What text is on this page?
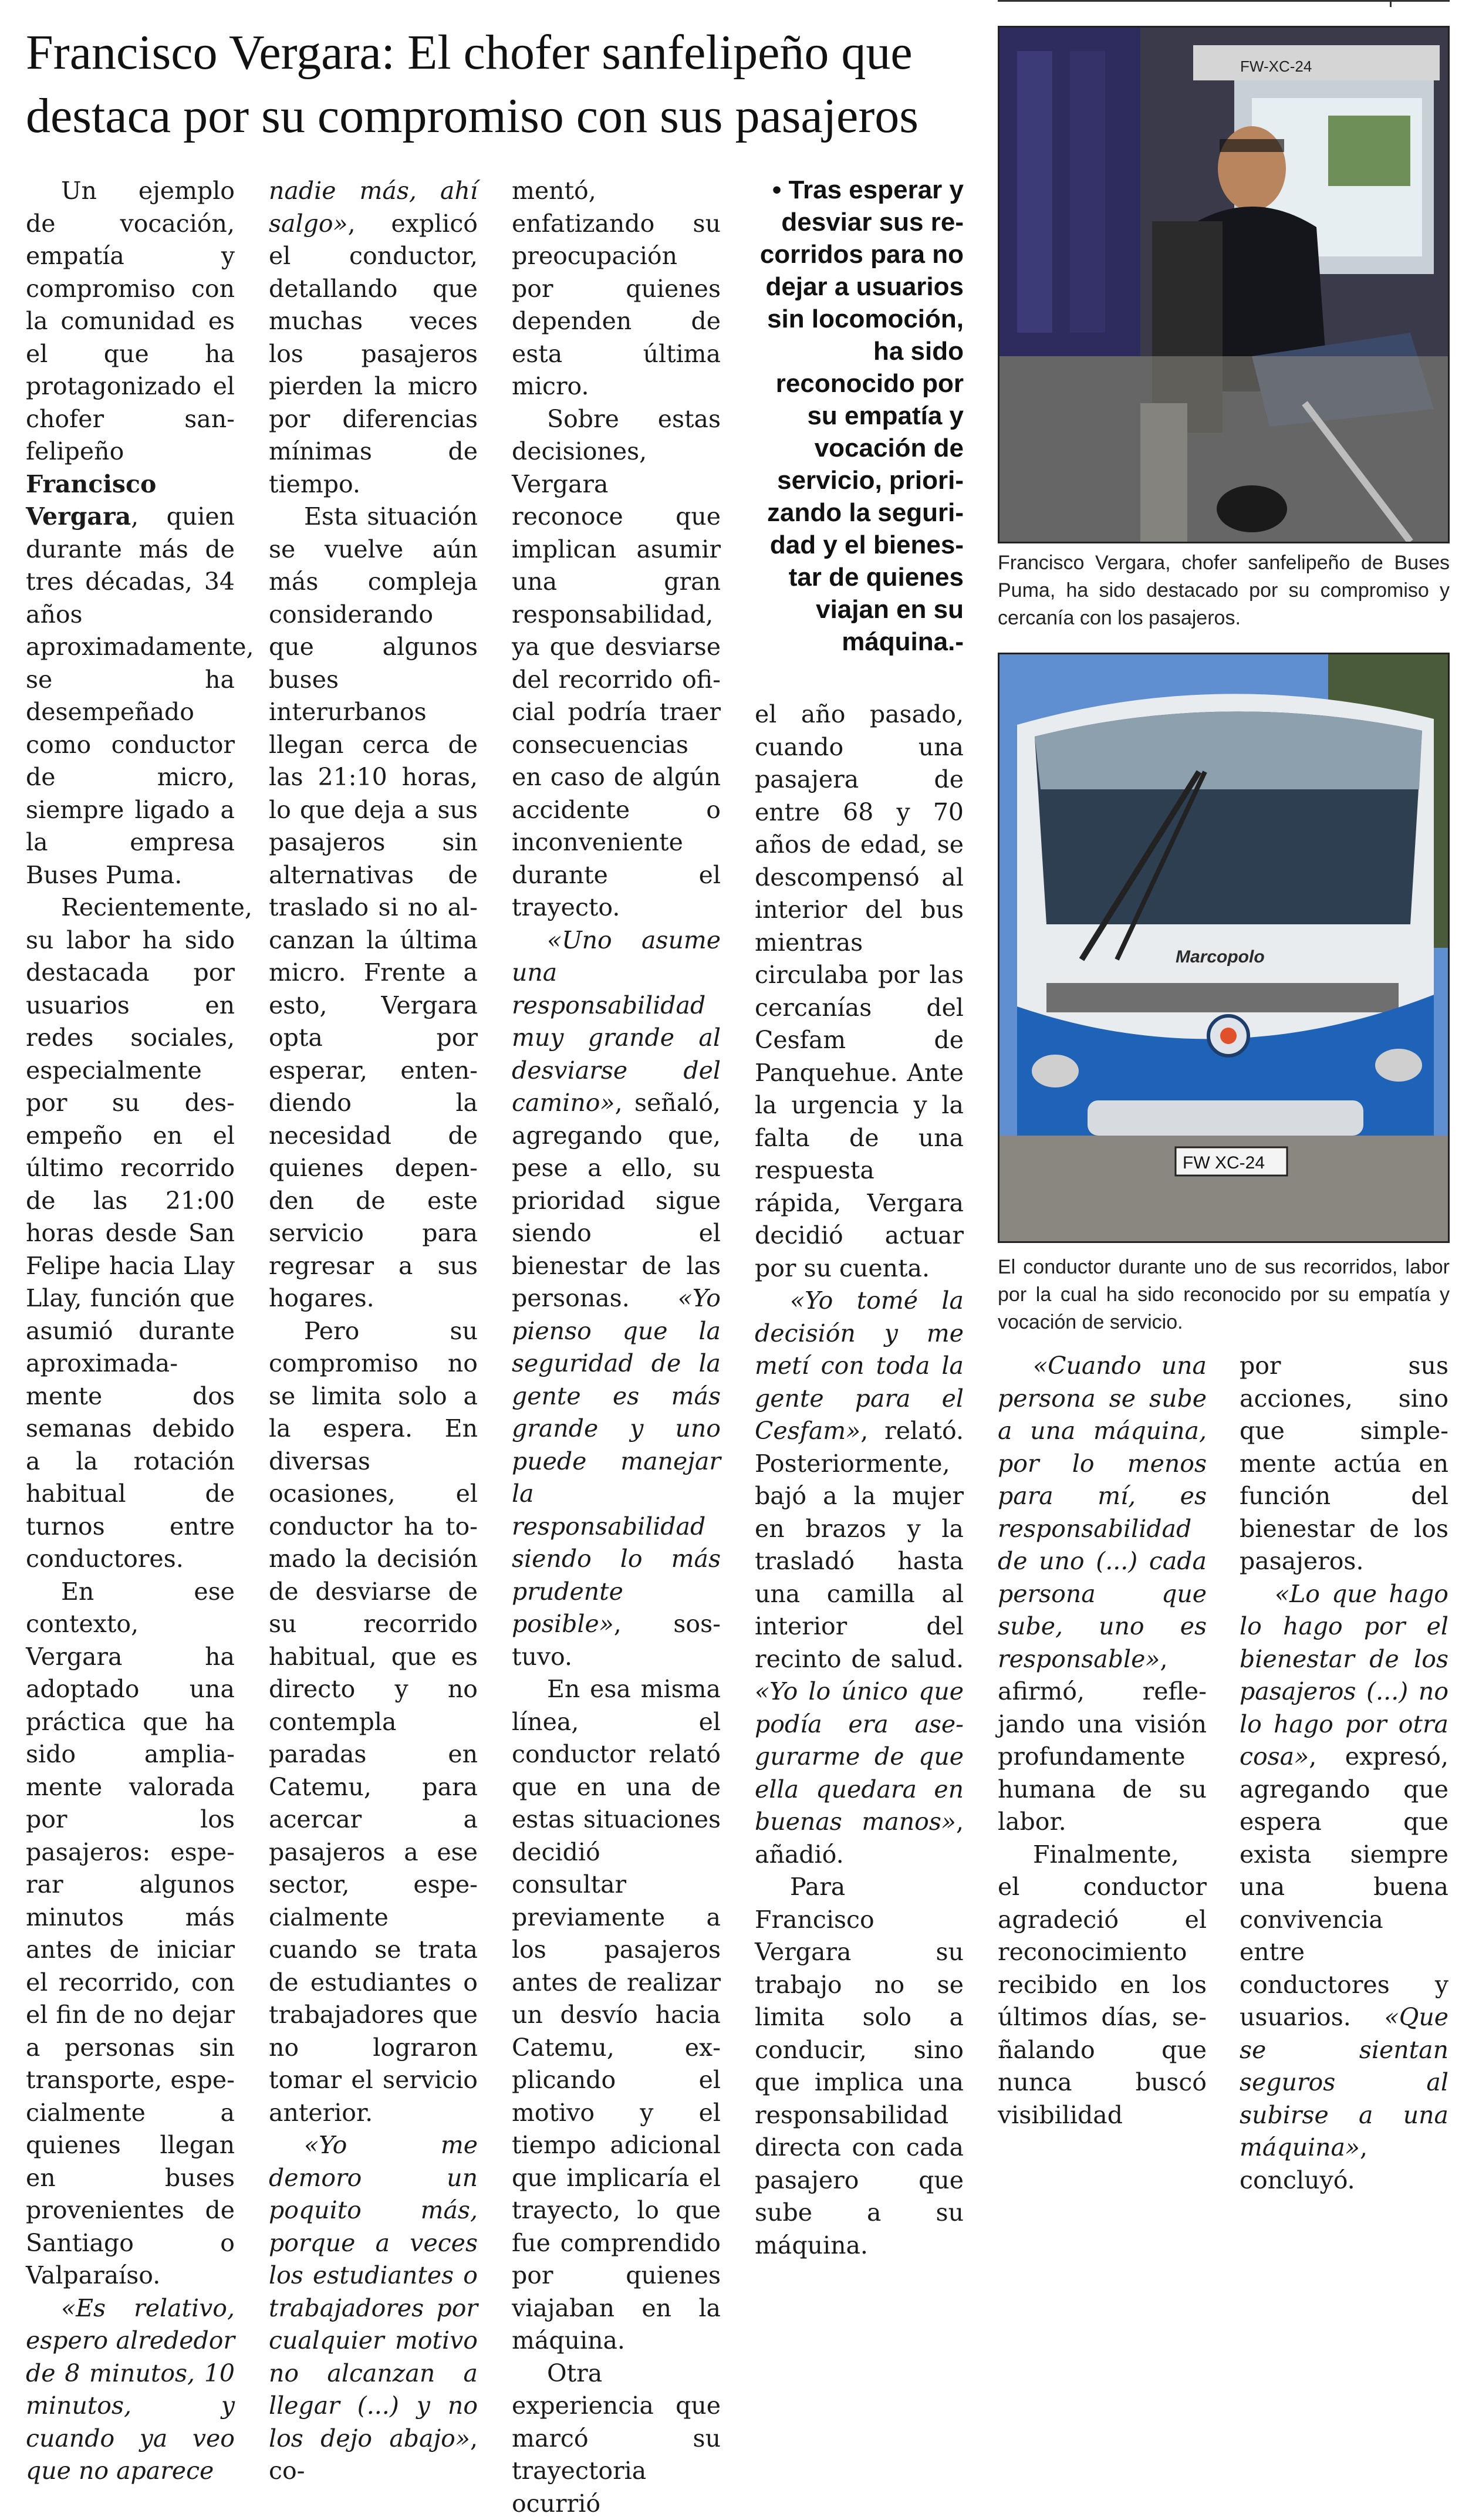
Francisco Vergara: El chofer sanfelipeño que destaca por su compromiso con sus pasajeros

Un ejemplo de vocación, empatía y compromiso con la comunidad es el que ha protagonizado el chofer sanfelipeño Francisco Vergara, quien durante más de tres décadas, 34 años aproximadamente, se ha desempeñado como conductor de micro, siempre ligado a la empresa Buses Puma.

Recientemente, su labor ha sido destacada por usuarios en redes sociales, especialmente por su desempeño en el último recorrido de las 21:00 horas desde San Felipe hacia Llay Llay, función que asumió durante aproximadamente dos semanas debido a la rotación habitual de turnos entre conductores.

En ese contexto, Vergara ha adoptado una práctica que ha sido ampliamente valorada por los pasajeros: esperar algunos minutos más antes de iniciar el recorrido, con el fin de no dejar a personas sin transporte, especialmente a quienes llegan en buses provenientes de Santiago o Valparaíso.

«Es relativo, espero alrededor de 8 minutos, 10 minutos, y cuando ya veo que no aparece

nadie más, ahí salgo», explicó el conductor, detallando que muchas veces los pasajeros pierden la micro por diferencias mínimas de tiempo.

Esta situación se vuelve aún más compleja considerando que algunos buses interurbanos llegan cerca de las 21:10 horas, lo que deja a sus pasajeros sin alternativas de traslado si no alcanzan la última micro. Frente a esto, Vergara opta por esperar, entendiendo la necesidad de quienes dependen de este servicio para regresar a sus hogares.

Pero su compromiso no se limita solo a la espera. En diversas ocasiones, el conductor ha tomado la decisión de desviarse de su recorrido habitual, que es directo y no contempla paradas en Catemu, para acercar a pasajeros a ese sector, especialmente cuando se trata de estudiantes o trabajadores que no lograron tomar el servicio anterior.

«Yo me demoro un poquito más, porque a veces los estudiantes o trabajadores por cualquier motivo no alcanzan a llegar (...) y no los dejo abajo», co-

mentó, enfatizando su preocupación por quienes dependen de esta última micro.

Sobre estas decisiones, Vergara reconoce que implican asumir una gran responsabilidad, ya que desviarse del recorrido oficial podría traer consecuencias en caso de algún accidente o inconveniente durante el trayecto.

«Uno asume una responsabilidad muy grande al desviarse del camino», señaló, agregando que, pese a ello, su prioridad sigue siendo el bienestar de las personas. «Yo pienso que la seguridad de la gente es más grande y uno puede manejar la responsabilidad siendo lo más prudente posible», sostuvo.

En esa misma línea, el conductor relató que en una de estas situaciones decidió consultar previamente a los pasajeros antes de realizar un desvío hacia Catemu, explicando el motivo y el tiempo adicional que implicaría el trayecto, lo que fue comprendido por quienes viajaban en la máquina.

Otra experiencia que marcó su trayectoria ocurrió

• Tras esperar y desviar sus recorridos para no dejar a usuarios sin locomoción, ha sido reconocido por su empatía y vocación de servicio, priorizando la seguridad y el bienestar de quienes viajan en su máquina.-

el año pasado, cuando una pasajera de entre 68 y 70 años de edad, se descompensó al interior del bus mientras circulaba por las cercanías del Cesfam de Panquehue. Ante la urgencia y la falta de una respuesta rápida, Vergara decidió actuar por su cuenta.

«Yo tomé la decisión y me metí con toda la gente para el Cesfam», relató. Posteriormente, bajó a la mujer en brazos y la trasladó hasta una camilla al interior del recinto de salud. «Yo lo único que podía era asegurarme de que ella quedara en buenas manos», añadió.

Para Francisco Vergara su trabajo no se limita solo a conducir, sino que implica una responsabilidad directa con cada pasajero que sube a su máquina.

FW-XC-24
Francisco Vergara, chofer sanfelipeño de Buses Puma, ha sido destacado por su compromiso y cercanía con los pasajeros.
Marcopolo
FW XC-24
El conductor durante uno de sus recorridos, labor por la cual ha sido reconocido por su empatía y vocación de servicio.

«Cuando una persona se sube a una máquina, por lo menos para mí, es responsabilidad de uno (...) cada persona que sube, uno es responsable», afirmó, reflejando una visión profundamente humana de su labor.

Finalmente, el conductor agradeció el reconocimiento recibido en los últimos días, señalando que nunca buscó visibilidad

por sus acciones, sino que simplemente actúa en función del bienestar de los pasajeros.

«Lo que hago lo hago por el bienestar de los pasajeros (...) no lo hago por otra cosa», expresó, agregando que espera que exista siempre una buena convivencia entre conductores y usuarios. «Que se sientan seguros al subirse a una máquina», concluyó.
